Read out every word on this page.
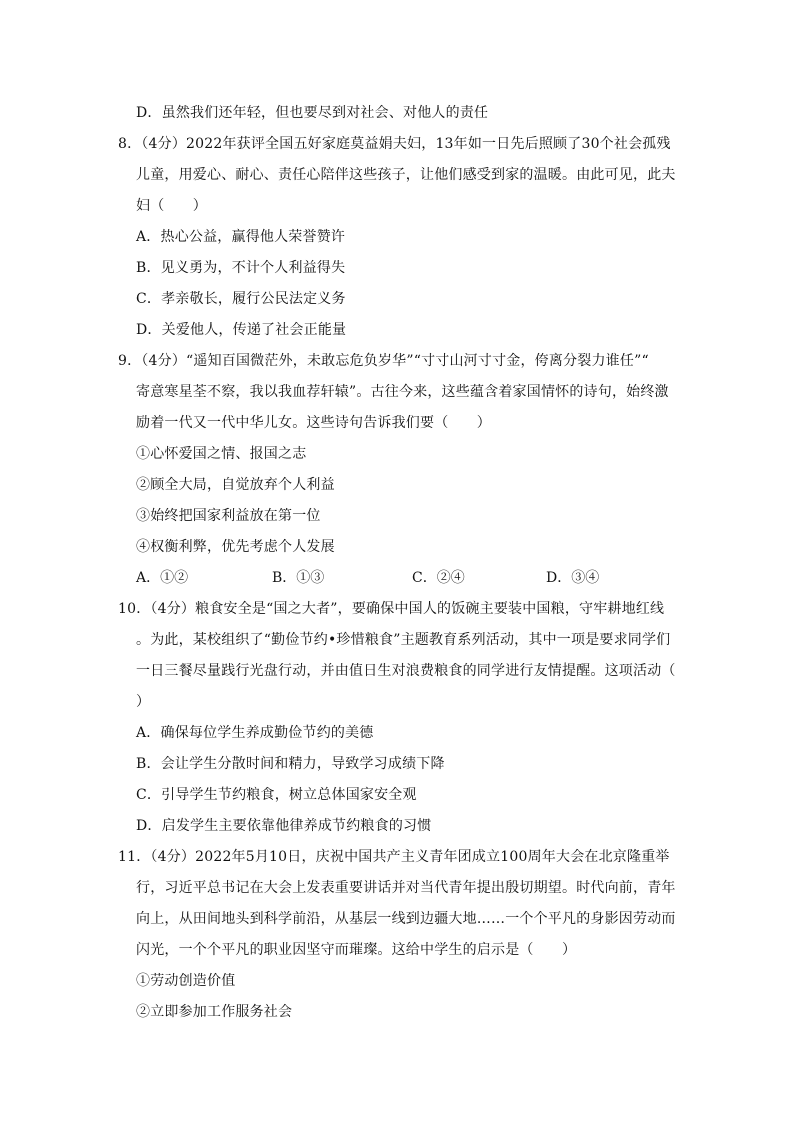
D．虽然我们还年轻，但也要尽到对社会、对他人的责任
8．（4分）2022年获评全国五好家庭莫益娟夫妇，13年如一日先后照顾了30个社会孤残
儿童，用爱心、耐心、责任心陪伴这些孩子，让他们感受到家的温暖。由此可见，此夫
妇（　　）
A．热心公益，赢得他人荣誉赞许
B．见义勇为，不计个人利益得失
C．孝亲敬长，履行公民法定义务
D．关爱他人，传递了社会正能量
9．（4分）“遥知百国微茫外，未敢忘危负岁华”“寸寸山河寸寸金，侉离分裂力谁任”“
寄意寒星荃不察，我以我血荐轩辕”。古往今来，这些蕴含着家国情怀的诗句，始终激
励着一代又一代中华儿女。这些诗句告诉我们要（　　）
①心怀爱国之情、报国之志
②顾全大局，自觉放弃个人利益
③始终把国家利益放在第一位
④权衡利弊，优先考虑个人发展
A．①②	B．①③	C．②④	D．③④
10．（4分）粮食安全是“国之大者”，要确保中国人的饭碗主要装中国粮，守牢耕地红线
。为此，某校组织了“勤俭节约•珍惜粮食”主题教育系列活动，其中一项是要求同学们
一日三餐尽量践行光盘行动，并由值日生对浪费粮食的同学进行友情提醒。这项活动（
）
A．确保每位学生养成勤俭节约的美德
B．会让学生分散时间和精力，导致学习成绩下降
C．引导学生节约粮食，树立总体国家安全观
D．启发学生主要依靠他律养成节约粮食的习惯
11．（4分）2022年5月10日，庆祝中国共产主义青年团成立100周年大会在北京隆重举
行，习近平总书记在大会上发表重要讲话并对当代青年提出殷切期望。时代向前，青年
向上，从田间地头到科学前沿，从基层一线到边疆大地……一个个平凡的身影因劳动而
闪光，一个个平凡的职业因坚守而璀璨。这给中学生的启示是（　　）
①劳动创造价值
②立即参加工作服务社会
